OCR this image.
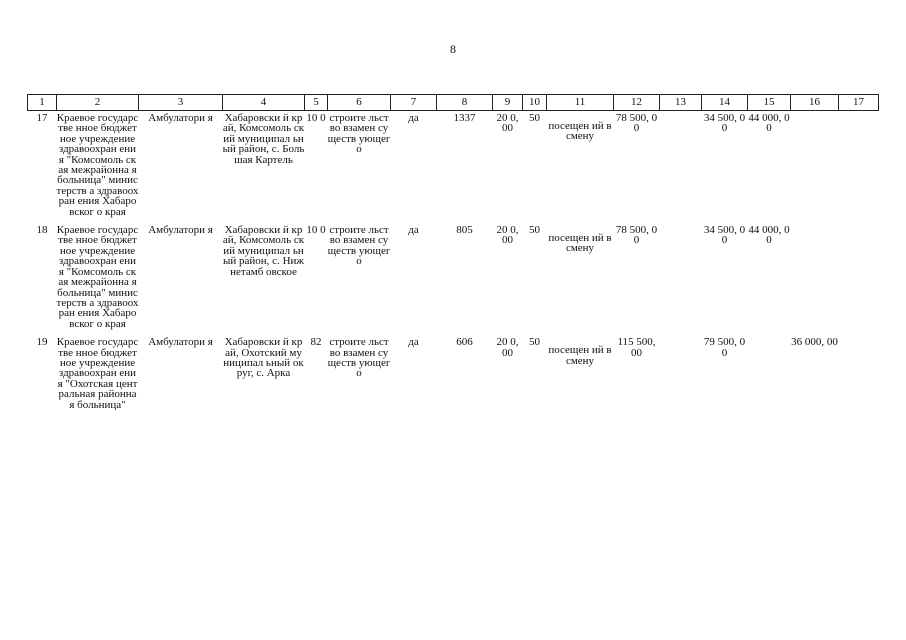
8
1	2	3	4	5	6	7	8	9	10	11	12	13	14	15	16	17
17	Краевое государстве нное бюджетное учреждение здравоохран ения "Комсомоль ская межрайонна я больница" министерств а здравоохран ения Хабаровског о края	Амбулатори я	Хабаровски й край, Комсомоль ский муниципал ьный район, с. Большая Картель	10 0	строите льство взамен существ ующего	да	1337	20 0, 00	50	посещен ий в смену	78 500, 00		34 500, 00	44 000, 00		
18	Краевое государстве нное бюджетное учреждение здравоохран ения "Комсомоль ская межрайонна я больница" министерств а здравоохран ения Хабаровског о края	Амбулатори я	Хабаровски й край, Комсомоль ский муниципал ьный район, с. Нижнетамб овское	10 0	строите льство взамен существ ующего	да	805	20 0, 00	50	посещен ий в смену	78 500, 00		34 500, 00	44 000, 00		
19	Краевое государстве нное бюджетное учреждение здравоохран ения "Охотская центральная районная больница"	Амбулатори я	Хабаровски й край, Охотский муниципал ьный округ, с. Арка	82	строите льство взамен существ ующего	да	606	20 0, 00	50	посещен ий в смену	115 500, 00		79 500, 00		36 000, 00	
